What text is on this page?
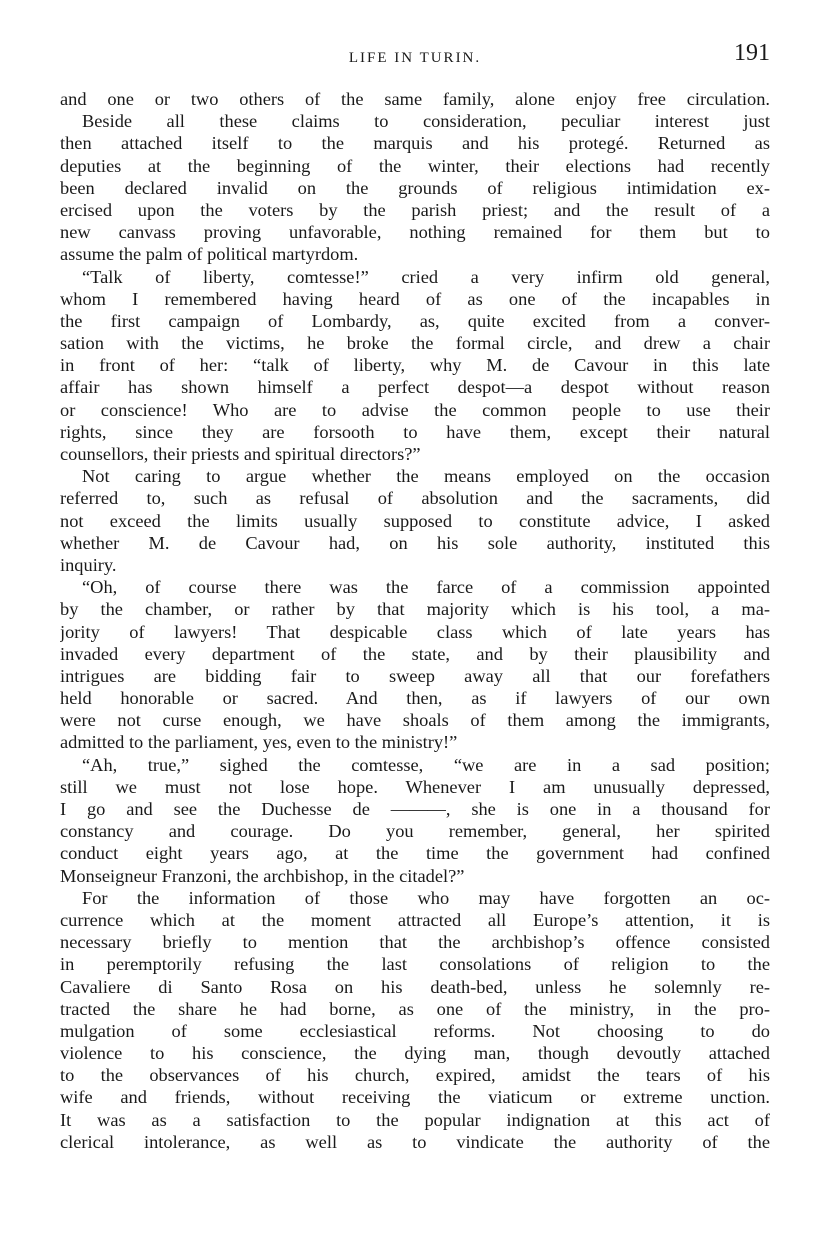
LIFE IN TURIN.	191
and one or two others of the same family, alone enjoy free circulation.
Beside all these claims to consideration, peculiar interest just
then attached itself to the marquis and his protegé. Returned as
deputies at the beginning of the winter, their elections had recently
been declared invalid on the grounds of religious intimidation ex-
ercised upon the voters by the parish priest; and the result of a
new canvass proving unfavorable, nothing remained for them but to
assume the palm of political martyrdom.
“Talk of liberty, comtesse!” cried a very infirm old general,
whom I remembered having heard of as one of the incapables in
the first campaign of Lombardy, as, quite excited from a conver-
sation with the victims, he broke the formal circle, and drew a chair
in front of her: “talk of liberty, why M. de Cavour in this late
affair has shown himself a perfect despot—a despot without reason
or conscience! Who are to advise the common people to use their
rights, since they are forsooth to have them, except their natural
counsellors, their priests and spiritual directors?”
Not caring to argue whether the means employed on the occasion
referred to, such as refusal of absolution and the sacraments, did
not exceed the limits usually supposed to constitute advice, I asked
whether M. de Cavour had, on his sole authority, instituted this
inquiry.
“Oh, of course there was the farce of a commission appointed
by the chamber, or rather by that majority which is his tool, a ma-
jority of lawyers! That despicable class which of late years has
invaded every department of the state, and by their plausibility and
intrigues are bidding fair to sweep away all that our forefathers
held honorable or sacred. And then, as if lawyers of our own
were not curse enough, we have shoals of them among the immigrants,
admitted to the parliament, yes, even to the ministry!”
“Ah, true,” sighed the comtesse, “we are in a sad position;
still we must not lose hope. Whenever I am unusually depressed,
I go and see the Duchesse de ———, she is one in a thousand for
constancy and courage. Do you remember, general, her spirited
conduct eight years ago, at the time the government had confined
Monseigneur Franzoni, the archbishop, in the citadel?”
For the information of those who may have forgotten an oc-
currence which at the moment attracted all Europe’s attention, it is
necessary briefly to mention that the archbishop’s offence consisted
in peremptorily refusing the last consolations of religion to the
Cavaliere di Santo Rosa on his death-bed, unless he solemnly re-
tracted the share he had borne, as one of the ministry, in the pro-
mulgation of some ecclesiastical reforms. Not choosing to do
violence to his conscience, the dying man, though devoutly attached
to the observances of his church, expired, amidst the tears of his
wife and friends, without receiving the viaticum or extreme unction.
It was as a satisfaction to the popular indignation at this act of
clerical intolerance, as well as to vindicate the authority of the
